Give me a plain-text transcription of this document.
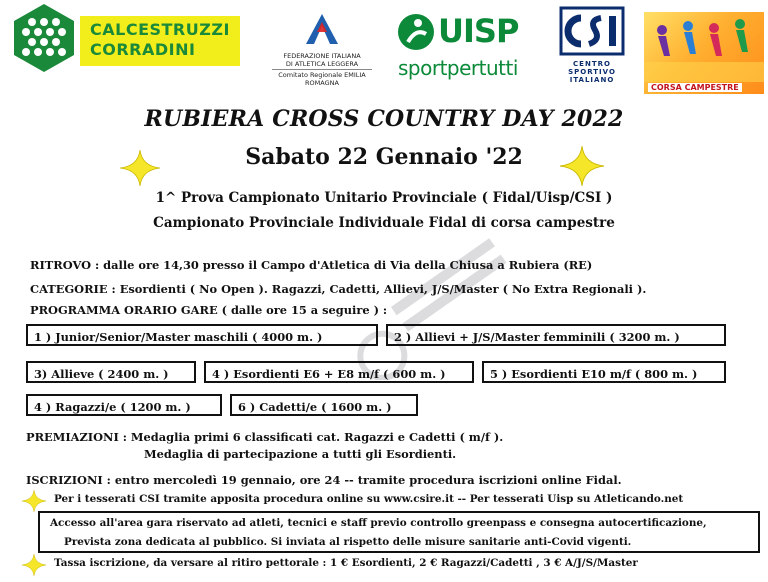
CALCESTRUZZI
CORRADINI	FEDERAZIONE ITALIANA
DI ATLETICA LEGGERA
Comitato Regionale EMILIA ROMAGNA
UISP
sportpertutti	CENTRO
SPORTIVO
ITALIANO
CORSA CAMPESTRE
RUBIERA CROSS COUNTRY DAY 2022
Sabato 22 Gennaio '22
1^ Prova Campionato Unitario Provinciale ( Fidal/Uisp/CSI )
Campionato Provinciale Individuale Fidal di corsa campestre
RITROVO : dalle ore 14,30 presso il Campo d'Atletica di Via della Chiusa a Rubiera (RE)
CATEGORIE : Esordienti ( No Open ). Ragazzi, Cadetti, Allievi, J/S/Master ( No Extra Regionali ).
PROGRAMMA ORARIO GARE ( dalle ore 15 a seguire ) :
1 ) Junior/Senior/Master maschili ( 4000 m. )	2 ) Allievi + J/S/Master femminili ( 3200 m. )
3) Allieve ( 2400 m. )	4 ) Esordienti E6 + E8 m/f ( 600 m. )	5 ) Esordienti E10 m/f ( 800 m. )
4 ) Ragazzi/e ( 1200 m. )	6 ) Cadetti/e ( 1600 m. )
PREMIAZIONI : Medaglia primi 6 classificati cat. Ragazzi e Cadetti ( m/f ).
Medaglia di partecipazione a tutti gli Esordienti.
ISCRIZIONI : entro mercoledì 19 gennaio, ore 24 -- tramite procedura iscrizioni online Fidal.
Per i tesserati CSI tramite apposita procedura online su www.csire.it -- Per tesserati Uisp su Atleticando.net
Accesso all'area gara riservato ad atleti, tecnici e staff previo controllo greenpass e consegna autocertificazione,
Prevista zona dedicata al pubblico. Si inviata al rispetto delle misure sanitarie anti-Covid vigenti.
Tassa iscrizione, da versare al ritiro pettorale : 1 € Esordienti, 2 € Ragazzi/Cadetti , 3 € A/J/S/Master
